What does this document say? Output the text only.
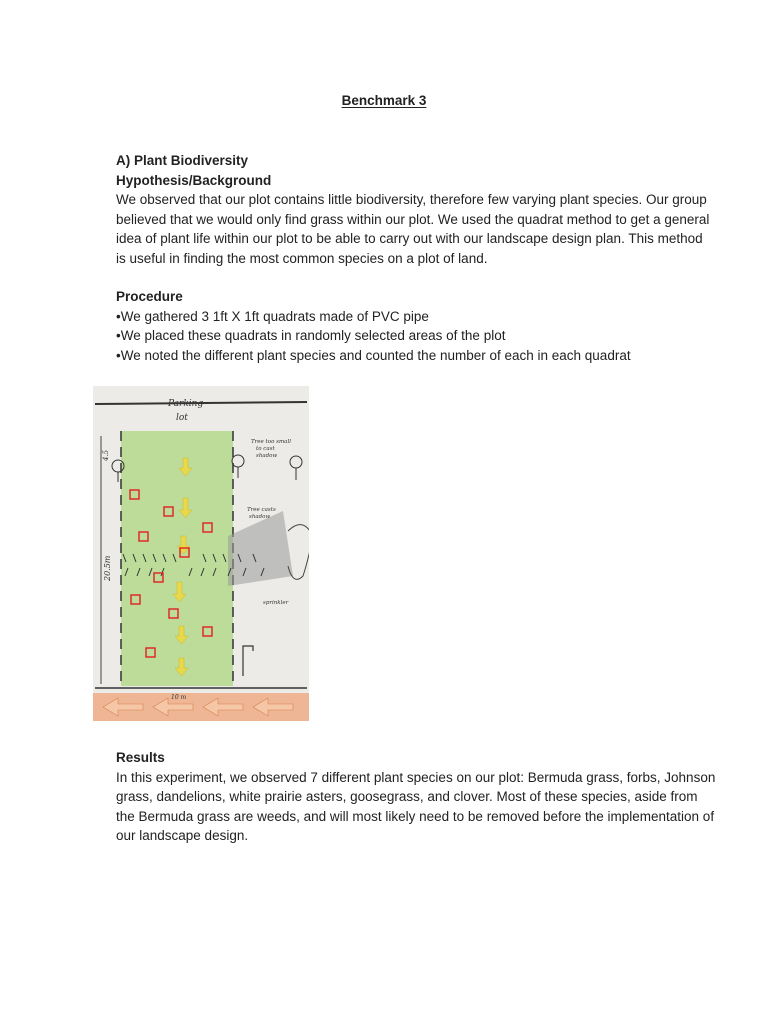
Benchmark 3

A) Plant Biodiversity

Hypothesis/Background

We observed that our plot contains little biodiversity, therefore few varying plant species. Our group believed that we would only find grass within our plot. We used the quadrat method to get a general idea of plant life within our plot to be able to carry out with our landscape design plan. This method is useful in finding the most common species on a plot of land.

Procedure

•We gathered 3 1ft X 1ft quadrats made of PVC pipe

•We placed these quadrats in randomly selected areas of the plot

•We noted the different plant species and counted the number of each in each quadrat

Parking
lot
Tree too small
to cast
shadow
Tree casts
shadow
20.5m
4.5
sprinkler
10 m

Results

In this experiment, we observed 7 different plant species on our plot: Bermuda grass, forbs, Johnson grass, dandelions, white prairie asters, goosegrass, and clover. Most of these species, aside from the Bermuda grass are weeds, and will most likely need to be removed before the implementation of our landscape design.
